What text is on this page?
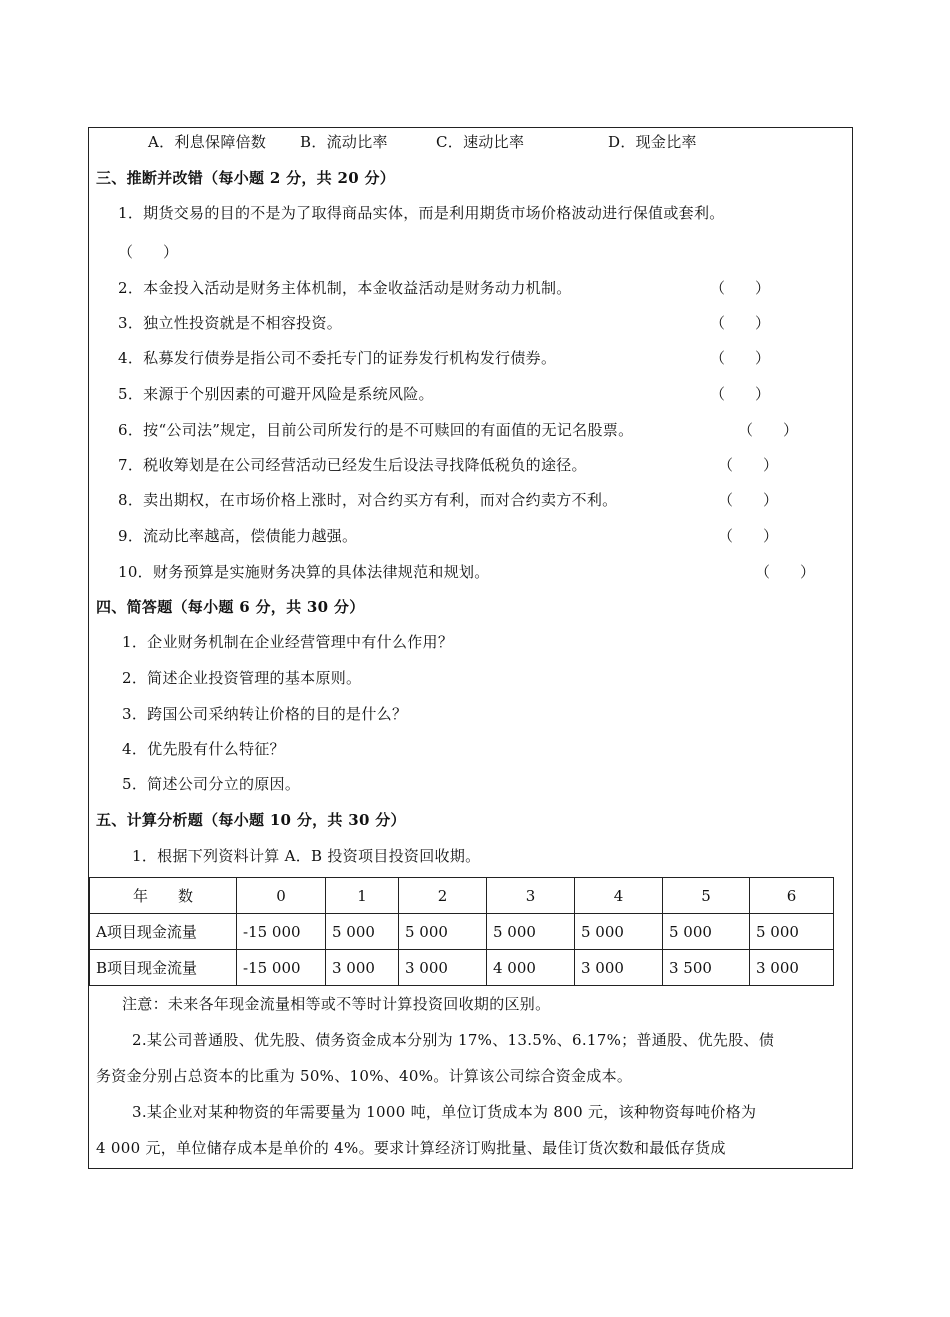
A．利息保障倍数 B．流动比率	C．速动比率	D．现金比率
三、推断并改错（每小题 2 分，共 20 分）
1．期货交易的目的不是为了取得商品实体，而是利用期货市场价格波动进行保值或套利。
（　　）
2．本金投入活动是财务主体机制，本金收益活动是财务动力机制。	（　　）
3．独立性投资就是不相容投资。	（　　）
4．私募发行债券是指公司不委托专门的证券发行机构发行债券。	（　　）
5．来源于个别因素的可避开风险是系统风险。	（　　）
6．按“公司法”规定，目前公司所发行的是不可赎回的有面值的无记名股票。	（　　）
7．税收筹划是在公司经营活动已经发生后设法寻找降低税负的途径。	（　　）
8．卖出期权，在市场价格上涨时，对合约买方有利，而对合约卖方不利。	（　　）
9．流动比率越高，偿债能力越强。	（　　）
10．财务预算是实施财务决算的具体法律规范和规划。	（　　）
四、简答题（每小题 6 分，共 30 分）
1．企业财务机制在企业经营管理中有什么作用？
2．简述企业投资管理的基本原则。
3．跨国公司采纳转让价格的目的是什么？
4．优先股有什么特征？
5．简述公司分立的原因。
五、计算分析题（每小题 10 分，共 30 分）
1．根据下列资料计算 A．B 投资项目投资回收期。
年　　数	0	1	2	3	4	5	6
A项目现金流量	-15 000	5 000	5 000	5 000	5 000	5 000	5 000
B项目现金流量	-15 000	3 000	3 000	4 000	3 000	3 500	3 000
注意：未来各年现金流量相等或不等时计算投资回收期的区别。
2.某公司普通股、优先股、债务资金成本分别为 17%、13.5%、6.17%；普通股、优先股、债
务资金分别占总资本的比重为 50%、10%、40%。计算该公司综合资金成本。
3.某企业对某种物资的年需要量为 1000 吨，单位订货成本为 800 元，该种物资每吨价格为
4 000 元，单位储存成本是单价的 4%。要求计算经济订购批量、最佳订货次数和最低存货成
